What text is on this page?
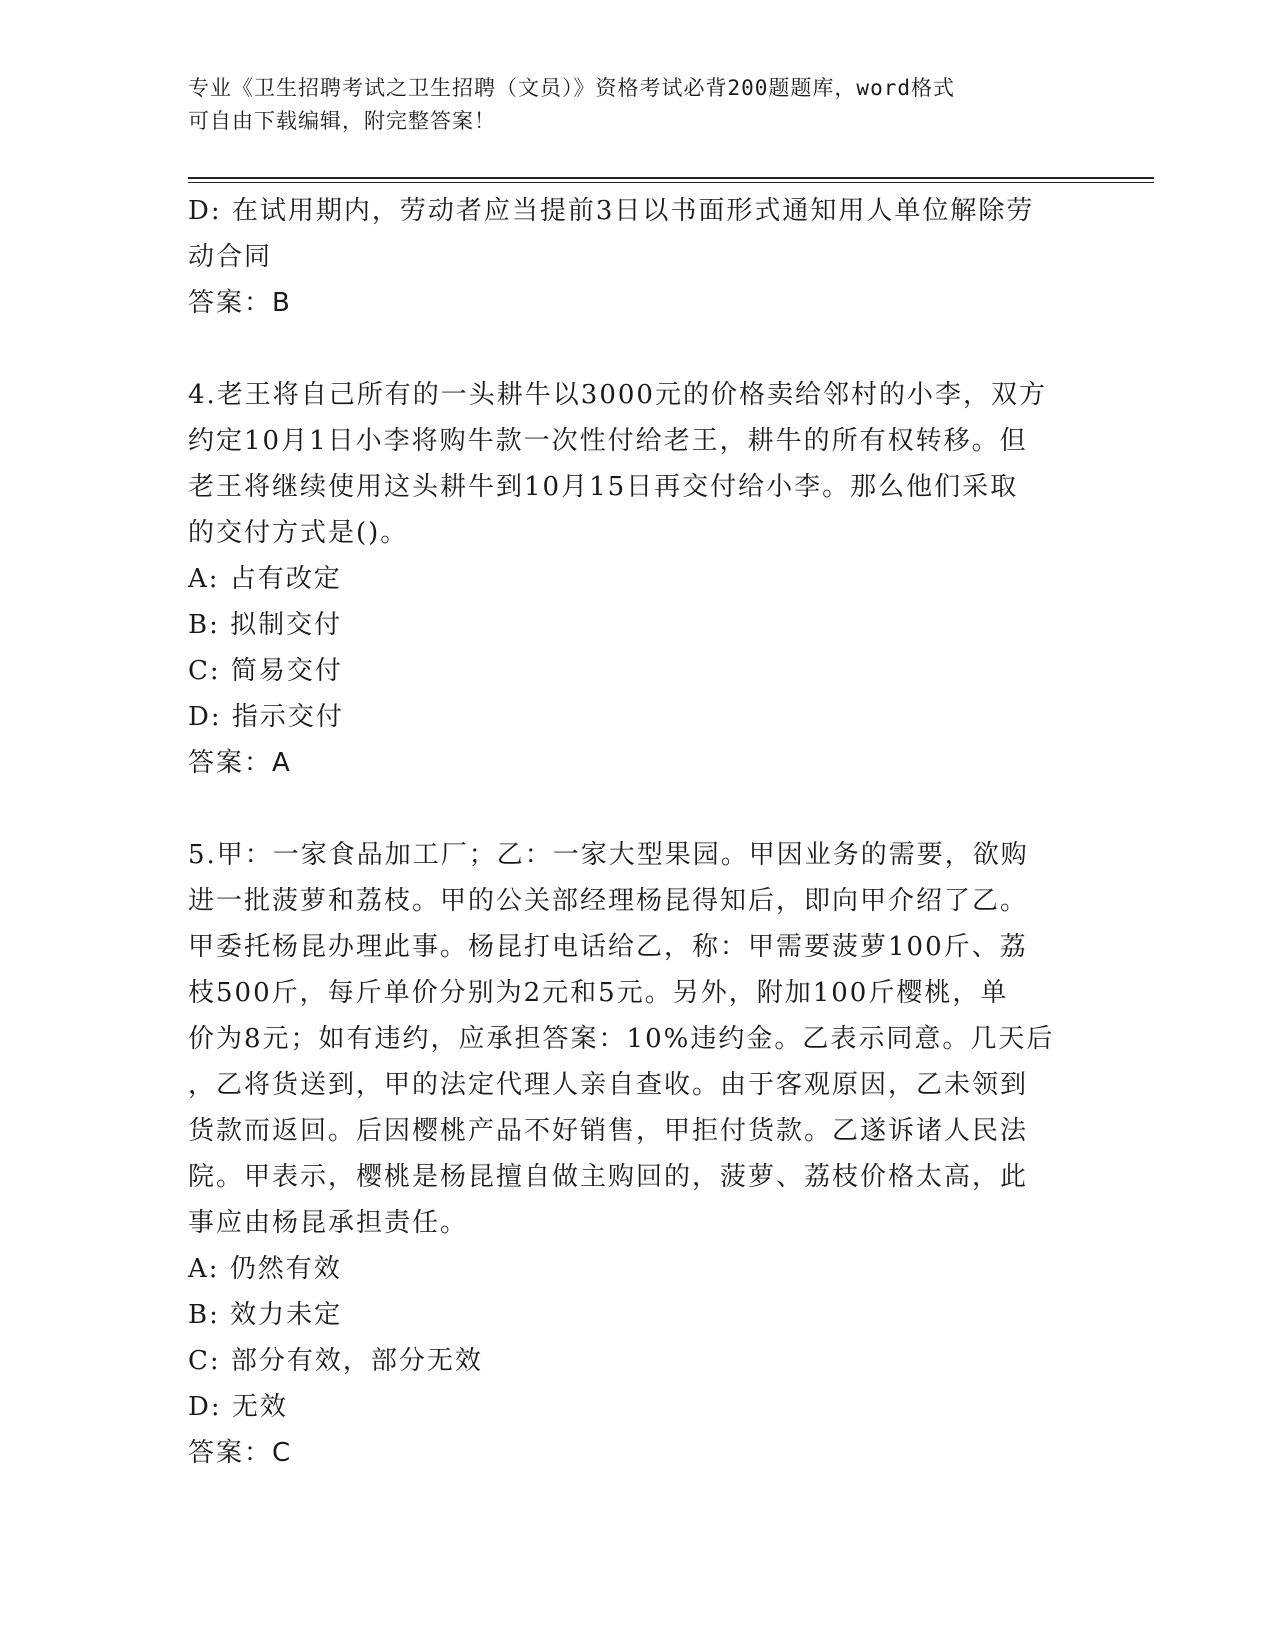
专业《卫生招聘考试之卫生招聘（文员）》资格考试必背200题题库，word格式
可自由下载编辑，附完整答案！
D: 在试用期内，劳动者应当提前3日以书面形式通知用人单位解除劳
动合同
答案：B
4.老王将自己所有的一头耕牛以3000元的价格卖给邻村的小李，双方
约定10月1日小李将购牛款一次性付给老王，耕牛的所有权转移。但
老王将继续使用这头耕牛到10月15日再交付给小李。那么他们采取
的交付方式是()。
A: 占有改定
B: 拟制交付
C: 简易交付
D: 指示交付
答案：A
5.甲：一家食品加工厂；乙：一家大型果园。甲因业务的需要，欲购
进一批菠萝和荔枝。甲的公关部经理杨昆得知后，即向甲介绍了乙。
甲委托杨昆办理此事。杨昆打电话给乙，称：甲需要菠萝100斤、荔
枝500斤，每斤单价分别为2元和5元。另外，附加100斤樱桃，单
价为8元；如有违约，应承担答案：10%违约金。乙表示同意。几天后
，乙将货送到，甲的法定代理人亲自查收。由于客观原因，乙未领到
货款而返回。后因樱桃产品不好销售，甲拒付货款。乙遂诉诸人民法
院。甲表示，樱桃是杨昆擅自做主购回的，菠萝、荔枝价格太高，此
事应由杨昆承担责任。
A: 仍然有效
B: 效力未定
C: 部分有效，部分无效
D: 无效
答案：C
